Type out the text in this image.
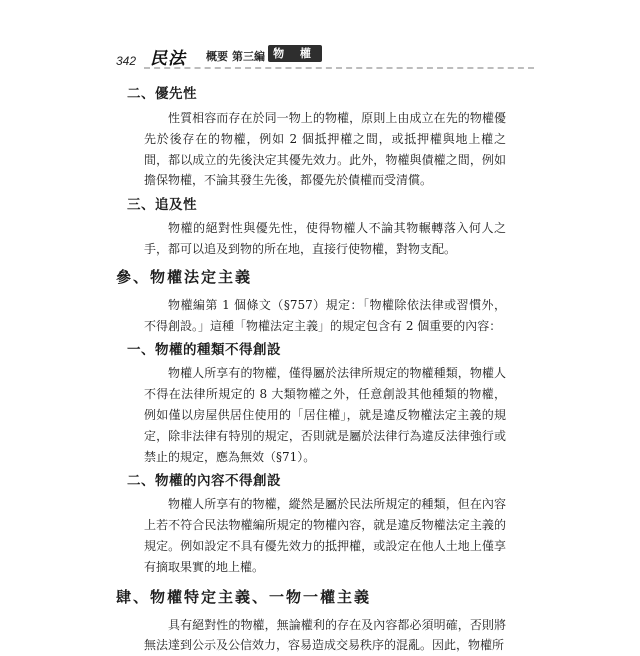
342 民法 概要 第三編 物 權
二、優先性

性質相容而存在於同一物上的物權，原則上由成立在先的物權優先於後存在的物權，例如 2 個抵押權之間，或抵押權與地上權之間，都以成立的先後決定其優先效力。此外，物權與債權之間，例如擔保物權，不論其發生先後，都優先於債權而受清償。

三、追及性

物權的絕對性與優先性，使得物權人不論其物輾轉落入何人之手，都可以追及到物的所在地，直接行使物權，對物支配。

參、物權法定主義

物權編第 1 個條文（§757）規定：「物權除依法律或習慣外，不得創設。」這種「物權法定主義」的規定包含有 2 個重要的內容：

一、物權的種類不得創設

物權人所享有的物權，僅得屬於法律所規定的物權種類，物權人不得在法律所規定的 8 大類物權之外，任意創設其他種類的物權，例如僅以房屋供居住使用的「居住權」，就是違反物權法定主義的規定，除非法律有特別的規定，否則就是屬於法律行為違反法律強行或禁止的規定，應為無效（§71）。

二、物權的內容不得創設

物權人所享有的物權，縱然是屬於民法所規定的種類，但在內容上若不符合民法物權編所規定的物權內容，就是違反物權法定主義的規定。例如設定不具有優先效力的抵押權，或設定在他人土地上僅享有摘取果實的地上權。

肆、物權特定主義、一物一權主義

具有絕對性的物權，無論權利的存在及內容都必須明確，否則將無法達到公示及公信效力，容易造成交易秩序的混亂。因此，物權所
